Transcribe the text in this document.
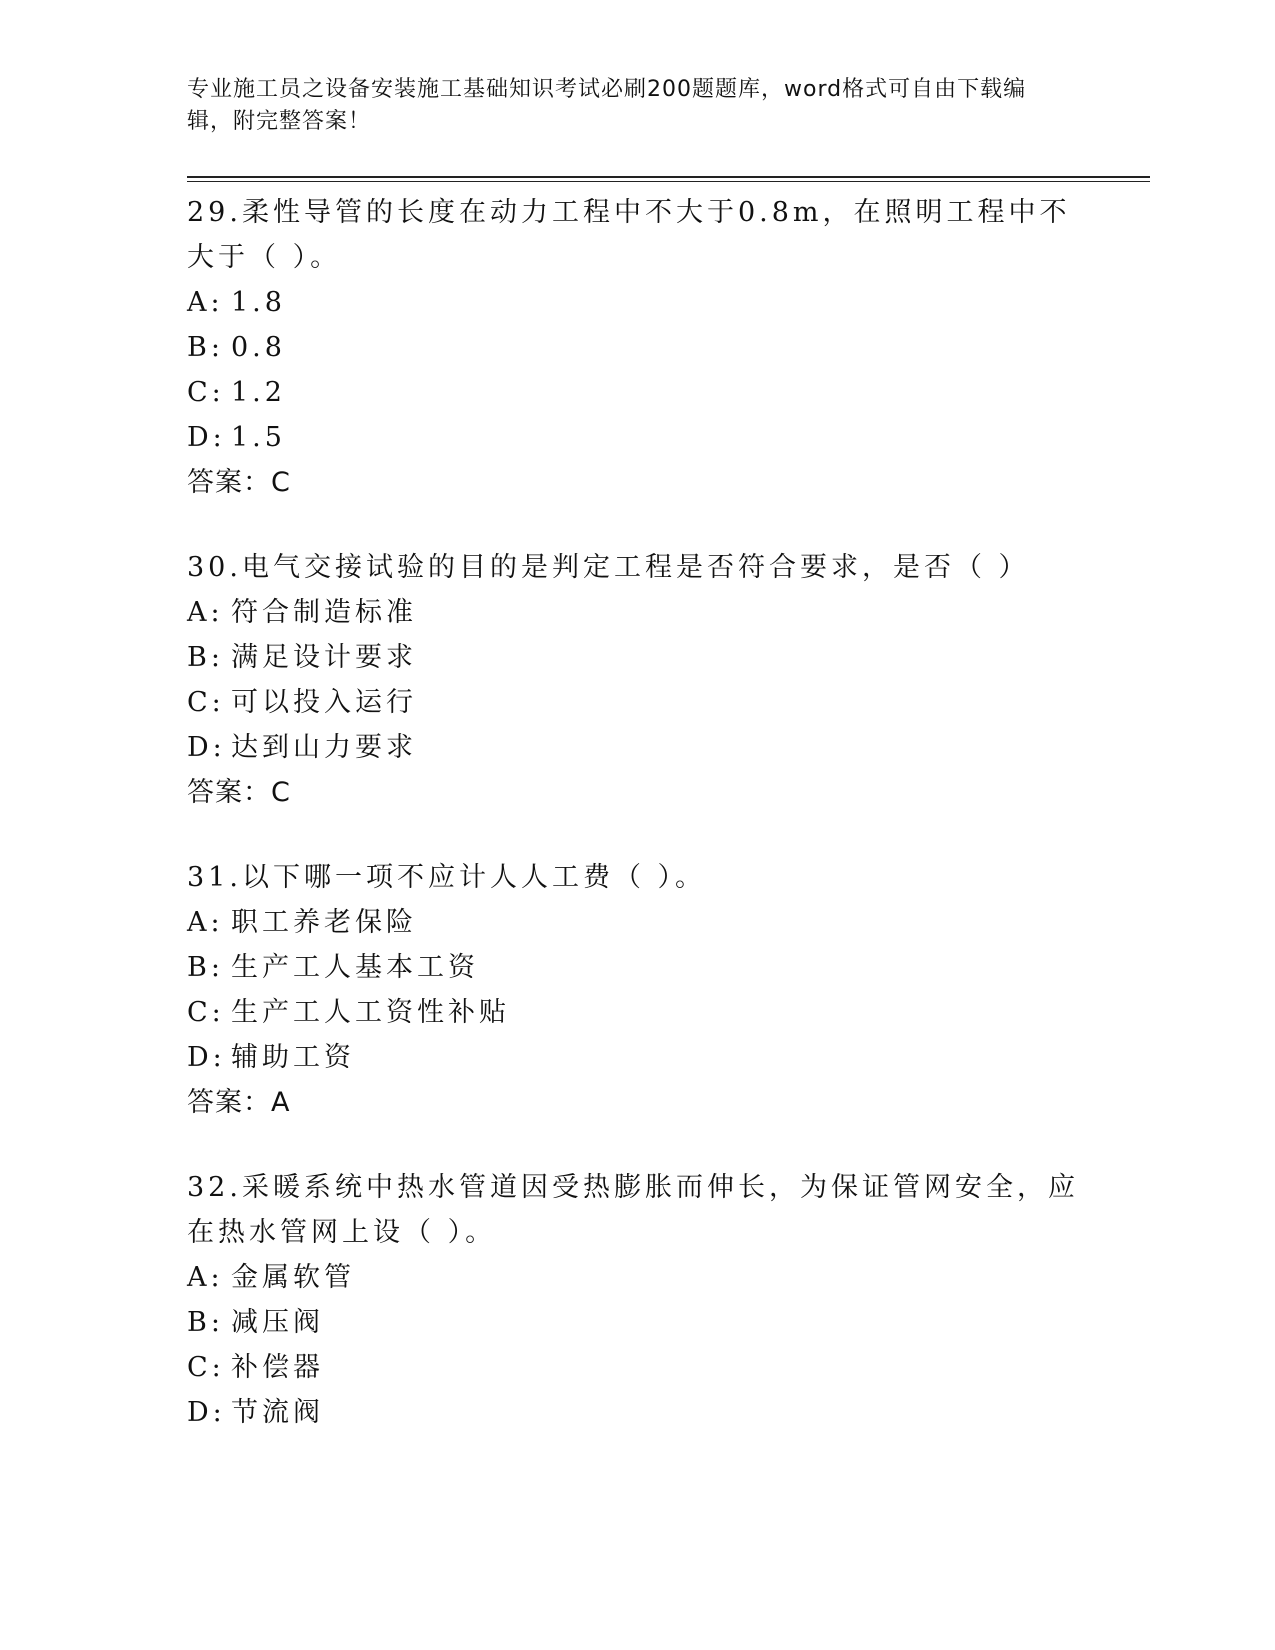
专业施工员之设备安装施工基础知识考试必刷200题题库，word格式可自由下载编辑，附完整答案！
29.柔性导管的长度在动力工程中不大于0.8m，在照明工程中不大于（ ）。
A: 1.8
B: 0.8
C: 1.2
D: 1.5
答案：C
30.电气交接试验的目的是判定工程是否符合要求，是否（ ）
A: 符合制造标准
B: 满足设计要求
C: 可以投入运行
D: 达到山力要求
答案：C
31.以下哪一项不应计人人工费（ ）。
A: 职工养老保险
B: 生产工人基本工资
C: 生产工人工资性补贴
D: 辅助工资
答案：A
32.采暖系统中热水管道因受热膨胀而伸长，为保证管网安全，应在热水管网上设（ ）。
A: 金属软管
B: 减压阀
C: 补偿器
D: 节流阀
